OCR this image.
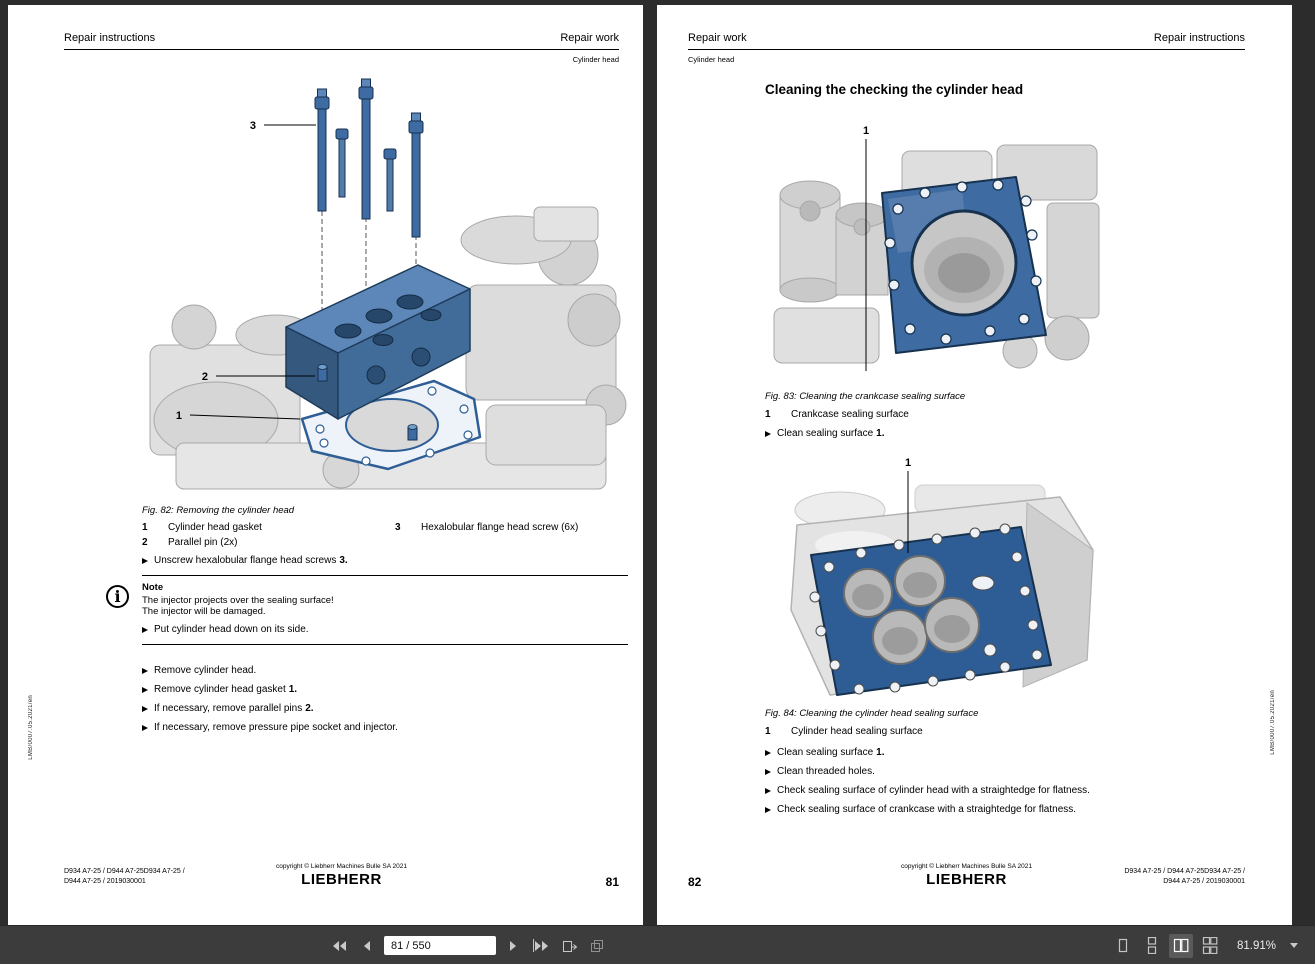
Repair instructions	Repair work
Cylinder head
3
2
1
Fig. 82: Removing the cylinder head
1	Cylinder head gasket
2	Parallel pin (2x)
3	Hexalobular flange head screw (6x)
Unscrew hexalobular flange head screws 3.
i	Note
The injector projects over the sealing surface!
The injector will be damaged.
Put cylinder head down on its side.
Remove cylinder head.
Remove cylinder head gasket 1.
If necessary, remove parallel pins 2.
If necessary, remove pressure pipe socket and injector.
D934 A7-25 / D944 A7-25D934 A7-25 /
D944 A7-25 / 2019030001
copyright © Liebherr Machines Bulle SA 2021
LIEBHERR	81
LMB/0007.05.2021/en
Repair work	Repair instructions
Cylinder head
Cleaning the checking the cylinder head
1
Fig. 83: Cleaning the crankcase sealing surface
1	Crankcase sealing surface
Clean sealing surface 1.
1
Fig. 84: Cleaning the cylinder head sealing surface
1	Cylinder head sealing surface
Clean sealing surface 1.
Clean threaded holes.
Check sealing surface of cylinder head with a straightedge for flatness.
Check sealing surface of crankcase with a straightedge for flatness.
82
copyright © Liebherr Machines Bulle SA 2021
LIEBHERR	D934 A7-25 / D944 A7-25D934 A7-25 /
D944 A7-25 / 2019030001
LMB/0007.05.2021/en
81 / 550
81.91%
